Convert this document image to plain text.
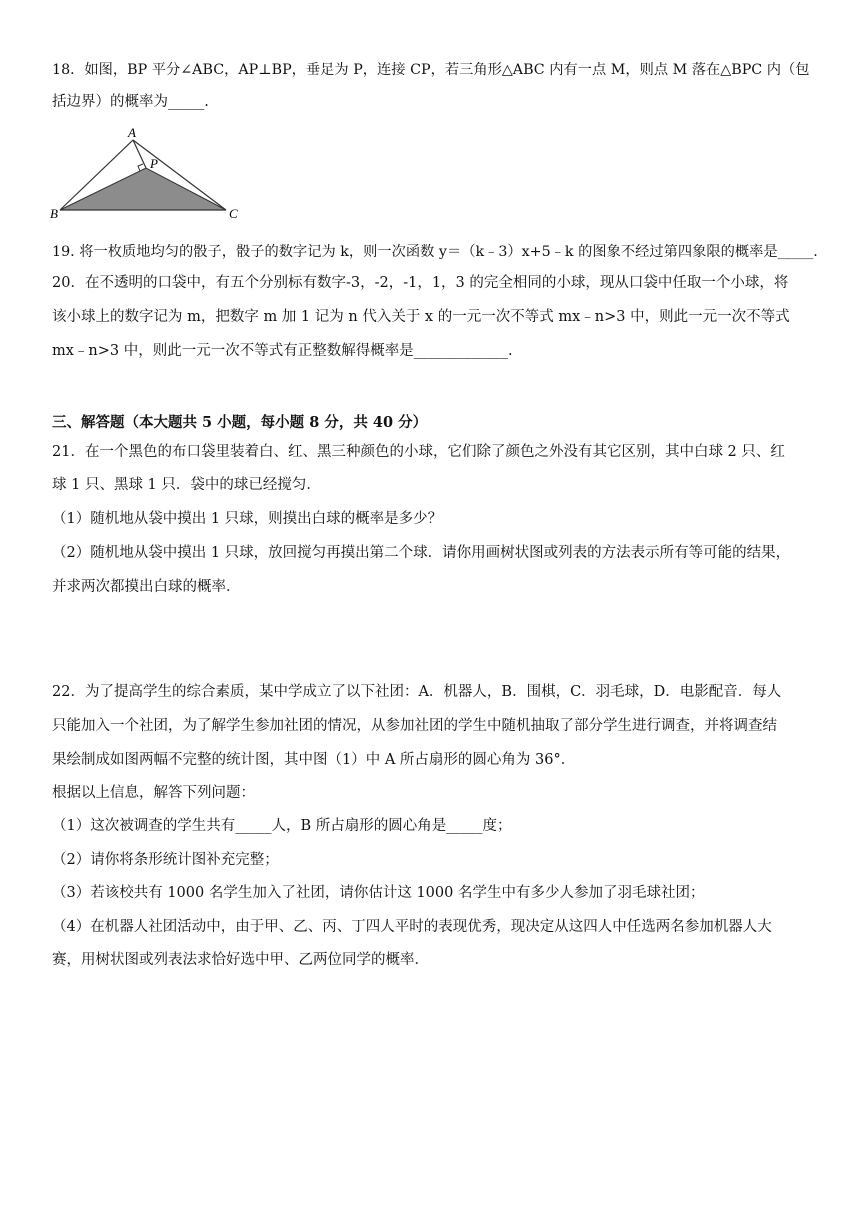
18．如图，BP 平分∠ABC，AP⊥BP，垂足为 P，连接 CP，若三角形△ABC 内有一点 M，则点 M 落在△BPC 内（包
括边界）的概率为_____.
A
P
B	C
19. 将一枚质地均匀的骰子，骰子的数字记为 k，则一次函数 y＝（k﹣3）x+5﹣k 的图象不经过第四象限的概率是_____.
20．在不透明的口袋中，有五个分别标有数字-3，-2，-1，1，3 的完全相同的小球，现从口袋中任取一个小球，将
该小球上的数字记为 m，把数字 m 加 1 记为 n 代入关于 x 的一元一次不等式 mx﹣n>3 中，则此一元一次不等式
mx﹣n>3 中，则此一元一次不等式有正整数解得概率是_____________.
三、解答题（本大题共 5 小题，每小题 8 分，共 40 分）
21．在一个黑色的布口袋里装着白、红、黑三种颜色的小球，它们除了颜色之外没有其它区别，其中白球 2 只、红
球 1 只、黑球 1 只．袋中的球已经搅匀．
（1）随机地从袋中摸出 1 只球，则摸出白球的概率是多少？
（2）随机地从袋中摸出 1 只球，放回搅匀再摸出第二个球．请你用画树状图或列表的方法表示所有等可能的结果，
并求两次都摸出白球的概率．
22．为了提高学生的综合素质，某中学成立了以下社团：A．机器人，B．围棋，C．羽毛球，D．电影配音．每人
只能加入一个社团，为了解学生参加社团的情况，从参加社团的学生中随机抽取了部分学生进行调查，并将调查结
果绘制成如图两幅不完整的统计图，其中图（1）中 A 所占扇形的圆心角为 36°．
根据以上信息，解答下列问题：
（1）这次被调查的学生共有_____人，B 所占扇形的圆心角是_____度；
（2）请你将条形统计图补充完整；
（3）若该校共有 1000 名学生加入了社团，请你估计这 1000 名学生中有多少人参加了羽毛球社团；
（4）在机器人社团活动中，由于甲、乙、丙、丁四人平时的表现优秀，现决定从这四人中任选两名参加机器人大
赛，用树状图或列表法求恰好选中甲、乙两位同学的概率．
